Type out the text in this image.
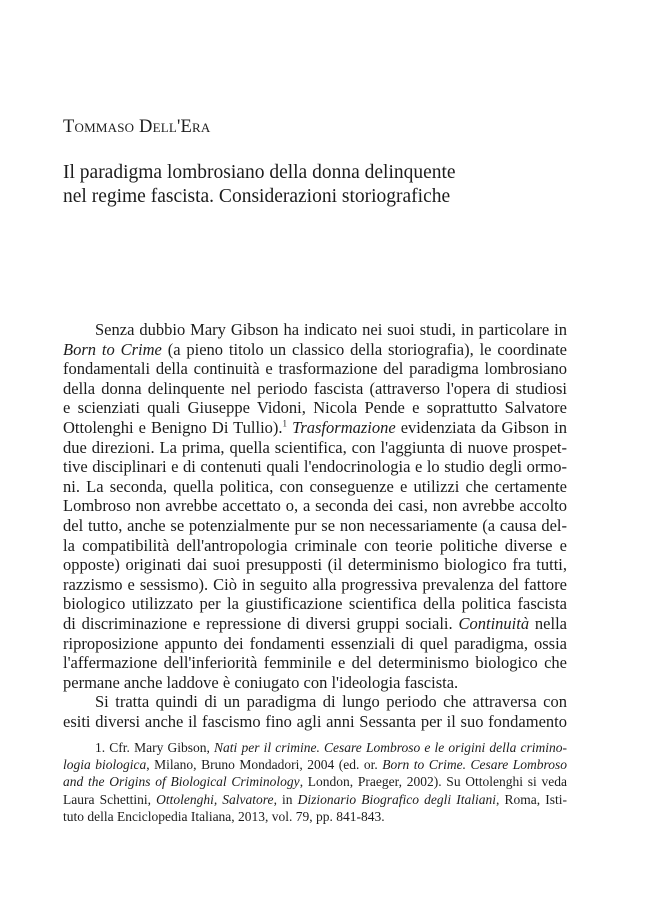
Tommaso Dell'Era
Il paradigma lombrosiano della donna delinquente
nel regime fascista. Considerazioni storiografiche
Senza dubbio Mary Gibson ha indicato nei suoi studi, in particolare in
Born to Crime (a pieno titolo un classico della storiografia), le coordinate
fondamentali della continuità e trasformazione del paradigma lombrosiano
della donna delinquente nel periodo fascista (attraverso l'opera di studiosi
e scienziati quali Giuseppe Vidoni, Nicola Pende e soprattutto Salvatore
Ottolenghi e Benigno Di Tullio).$^1$ Trasformazione evidenziata da Gibson in
due direzioni. La prima, quella scientifica, con l'aggiunta di nuove prospet-
tive disciplinari e di contenuti quali l'endocrinologia e lo studio degli ormo-
ni. La seconda, quella politica, con conseguenze e utilizzi che certamente
Lombroso non avrebbe accettato o, a seconda dei casi, non avrebbe accolto
del tutto, anche se potenzialmente pur se non necessariamente (a causa del-
la compatibilità dell'antropologia criminale con teorie politiche diverse e
opposte) originati dai suoi presupposti (il determinismo biologico fra tutti,
razzismo e sessismo). Ciò in seguito alla progressiva prevalenza del fattore
biologico utilizzato per la giustificazione scientifica della politica fascista
di discriminazione e repressione di diversi gruppi sociali. Continuità nella
riproposizione appunto dei fondamenti essenziali di quel paradigma, ossia
l'affermazione dell'inferiorità femminile e del determinismo biologico che
permane anche laddove è coniugato con l'ideologia fascista.
Si tratta quindi di un paradigma di lungo periodo che attraversa con
esiti diversi anche il fascismo fino agli anni Sessanta per il suo fondamento
1. Cfr. Mary Gibson, Nati per il crimine. Cesare Lombroso e le origini della crimino-
logia biologica, Milano, Bruno Mondadori, 2004 (ed. or. Born to Crime. Cesare Lombroso
and the Origins of Biological Criminology, London, Praeger, 2002). Su Ottolenghi si veda
Laura Schettini, Ottolenghi, Salvatore, in Dizionario Biografico degli Italiani, Roma, Isti-
tuto della Enciclopedia Italiana, 2013, vol. 79, pp. 841-843.
